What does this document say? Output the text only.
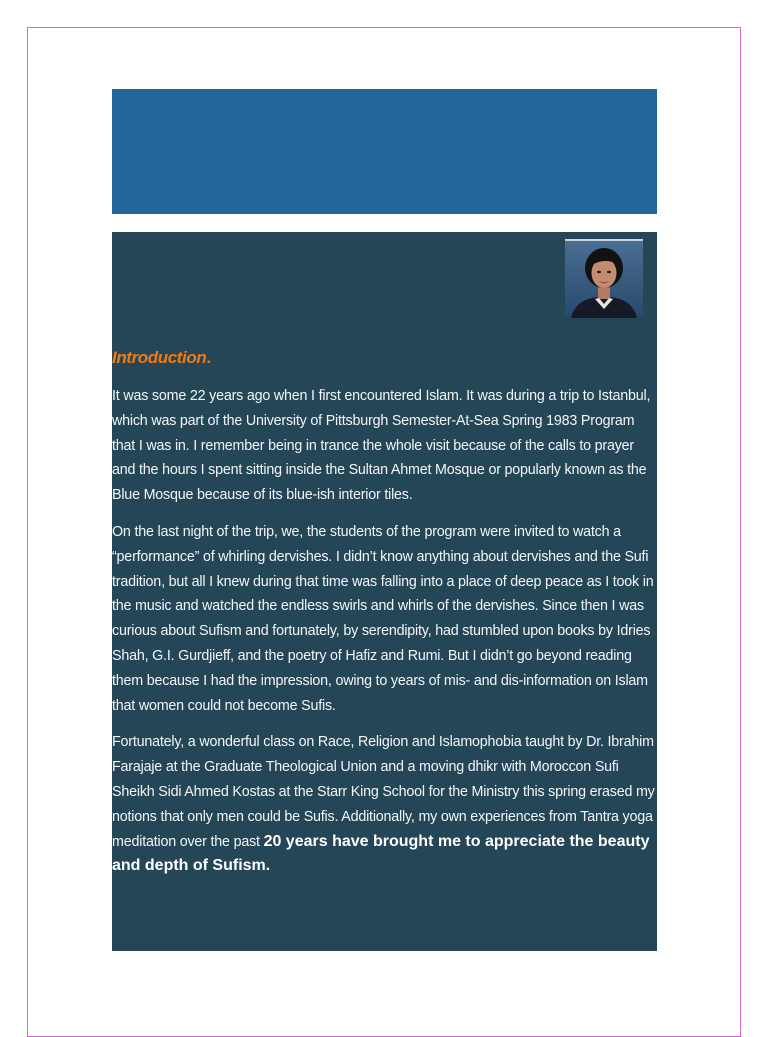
Introduction.

It was some 22 years ago when I first encountered Islam. It was during a trip to Istanbul, which was part of the University of Pittsburgh Semester-At-Sea Spring 1983 Program that I was in. I remember being in trance the whole visit because of the calls to prayer and the hours I spent sitting inside the Sultan Ahmet Mosque or popularly known as the Blue Mosque because of its blue-ish interior tiles.

On the last night of the trip, we, the students of the program were invited to watch a “performance” of whirling dervishes. I didn’t know anything about dervishes and the Sufi tradition, but all I knew during that time was falling into a place of deep peace as I took in the music and watched the endless swirls and whirls of the dervishes. Since then I was curious about Sufism and fortunately, by serendipity, had stumbled upon books by Idries Shah, G.I. Gurdjieff, and the poetry of Hafiz and Rumi. But I didn’t go beyond reading them because I had the impression, owing to years of mis- and dis-information on Islam that women could not become Sufis.

Fortunately, a wonderful class on Race, Religion and Islamophobia taught by Dr. Ibrahim Farajaje at the Graduate Theological Union and a moving dhikr with Moroccon Sufi Sheikh Sidi Ahmed Kostas at the Starr King School for the Ministry this spring erased my notions that only men could be Sufis. Additionally, my own experiences from Tantra yoga meditation over the past 20 years have brought me to appreciate the beauty and depth of Sufism.
